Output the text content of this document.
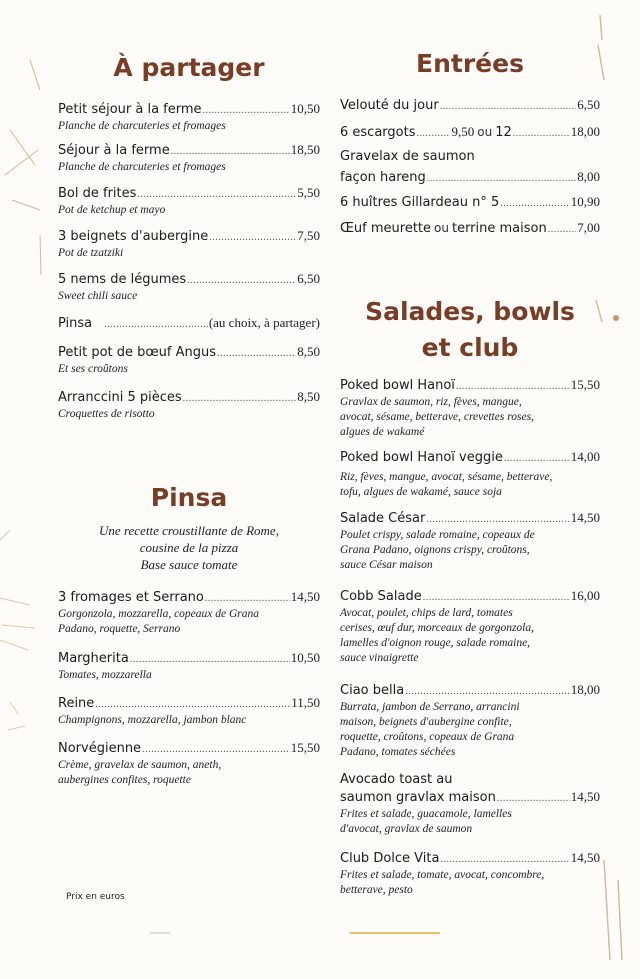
À partager
Petit séjour à la ferme .....	10,50
Planche de charcuteries et fromages
Séjour à la ferme .....	18,50
Planche de charcuteries et fromages
Bol de frites .....	5,50
Pot de ketchup et mayo
3 beignets d'aubergine .....	7,50
Pot de tzatziki
5 nems de légumes .....	6,50
Sweet chili sauce
Pinsa .....	(au choix, à partager)
Petit pot de bœuf Angus .....	8,50
Et ses croûtons
Arranccini 5 pièces .....	8,50
Croquettes de risotto
Pinsa
Une recette croustillante de Rome,
cousine de la pizza
Base sauce tomate
3 fromages et Serrano .....	14,50
Gorgonzola, mozzarella, copeaux de Grana
Padano, roquette, Serrano
Margherita .....	10,50
Tomates, mozzarella
Reine .....	11,50
Champignons, mozzarella, jambon blanc
Norvégienne .....	15,50
Crème, gravelax de saumon, aneth,
aubergines confites, roquette
Prix en euros
Entrées
Velouté du jour .....	6,50
6 escargots .....	9,50 ou 12 .....	18,00
Gravelax de saumon
façon hareng .....	8,00
6 huîtres Gillardeau n° 5 .....	10,90
Œuf meurette ou terrine maison ..... 7,00
Salades, bowls
et club
Poked bowl Hanoï .....	15,50
Gravlax de saumon, riz, fèves, mangue,
avocat, sésame, betterave, crevettes roses,
algues de wakamé
Poked bowl Hanoï veggie .....	14,00
Riz, fèves, mangue, avocat, sésame, betterave,
tofu, algues de wakamé, sauce soja
Salade César .....	14,50
Poulet crispy, salade romaine, copeaux de
Grana Padano, oignons crispy, croûtons,
sauce César maison
Cobb Salade .....	16,00
Avocat, poulet, chips de lard, tomates
cerises, œuf dur, morceaux de gorgonzola,
lamelles d'oignon rouge, salade romaine,
sauce vinaigrette
Ciao bella .....	18,00
Burrata, jambon de Serrano, arrancini
maison, beignets d'aubergine confite,
roquette, croûtons, copeaux de Grana
Padano, tomates séchées
Avocado toast au
saumon gravlax maison .....	14,50
Frites et salade, guacamole, lamelles
d'avocat, gravlax de saumon
Club Dolce Vita .....	14,50
Frites et salade, tomate, avocat, concombre,
betterave, pesto
